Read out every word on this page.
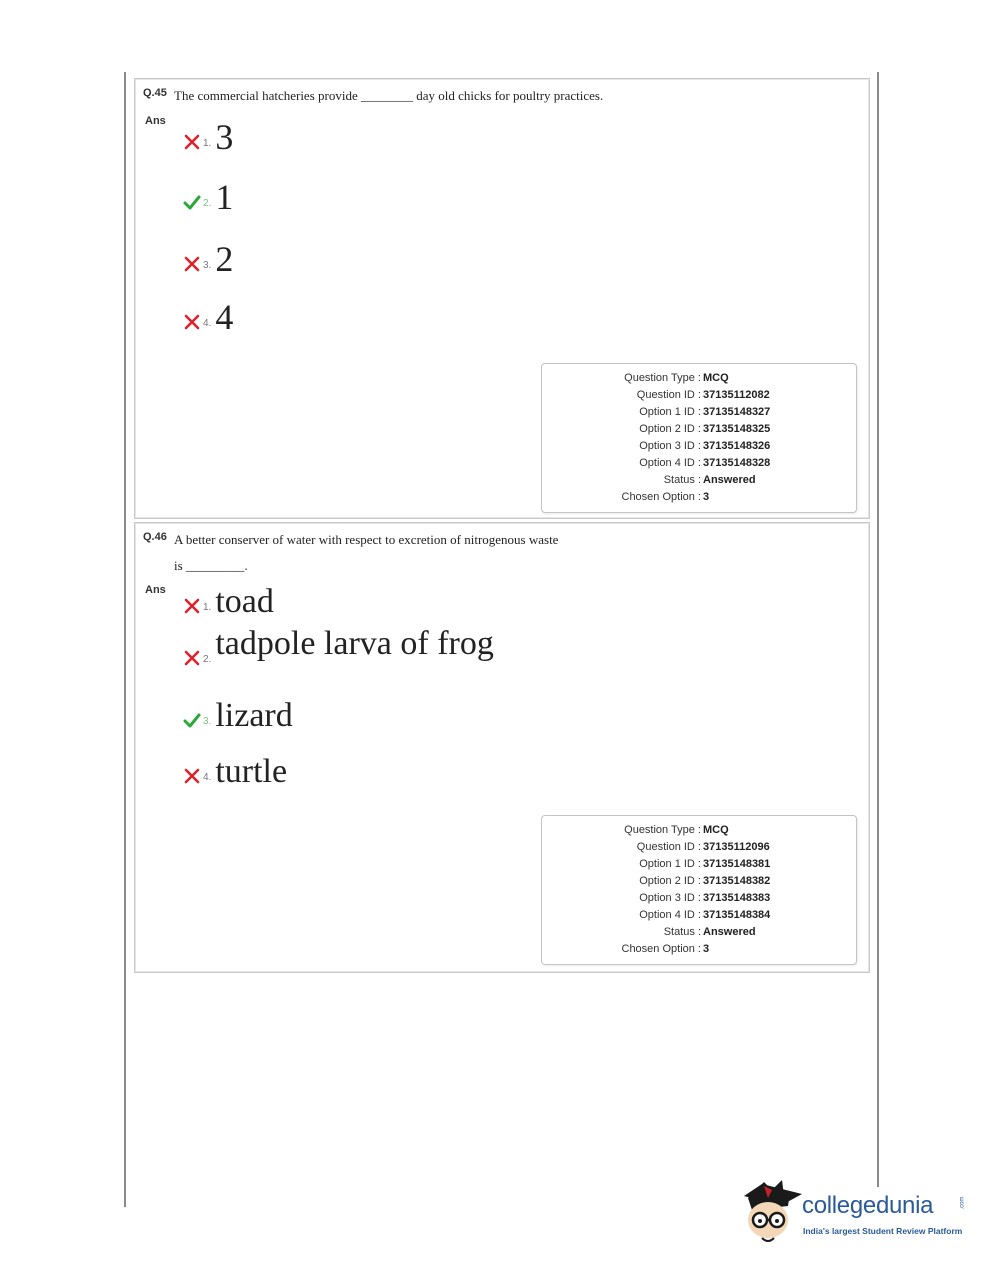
Q.45 The commercial hatcheries provide ________ day old chicks for poultry practices.
Ans
1. 3
2. 1
3. 2
4. 4
Question Type : MCQ
Question ID : 37135112082
Option 1 ID : 37135148327
Option 2 ID : 37135148325
Option 3 ID : 37135148326
Option 4 ID : 37135148328
Status : Answered
Chosen Option : 3
Q.46 A better conserver of water with respect to excretion of nitrogenous waste
is _________.
Ans
1. toad
2. tadpole larva of frog
3. lizard
4. turtle
Question Type : MCQ
Question ID : 37135112096
Option 1 ID : 37135148381
Option 2 ID : 37135148382
Option 3 ID : 37135148383
Option 4 ID : 37135148384
Status : Answered
Chosen Option : 3
collegedunia	.com
India's largest Student Review Platform
